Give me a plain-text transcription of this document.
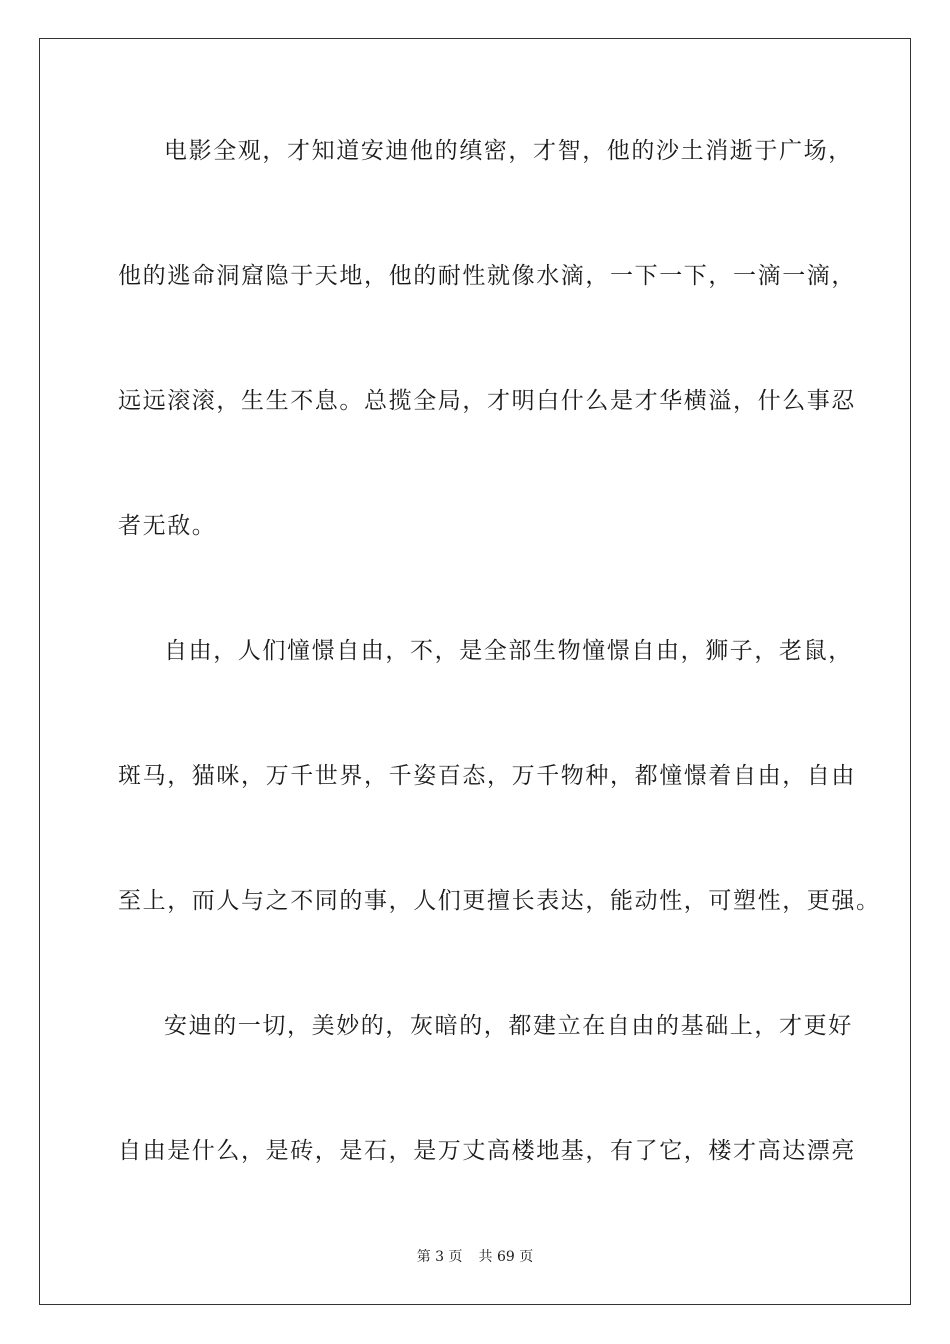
电影全观，才知道安迪他的缜密，才智，他的沙土消逝于广场，
他的逃命洞窟隐于天地，他的耐性就像水滴，一下一下，一滴一滴，
远远滚滚，生生不息。总揽全局，才明白什么是才华横溢，什么事忍
者无敌。
自由，人们憧憬自由，不，是全部生物憧憬自由，狮子，老鼠，
斑马，猫咪，万千世界，千姿百态，万千物种，都憧憬着自由，自由
至上，而人与之不同的事，人们更擅长表达，能动性，可塑性，更强。
安迪的一切，美妙的，灰暗的，都建立在自由的基础上，才更好
自由是什么，是砖，是石，是万丈高楼地基，有了它，楼才高达漂亮
第 3 页 共 69 页
